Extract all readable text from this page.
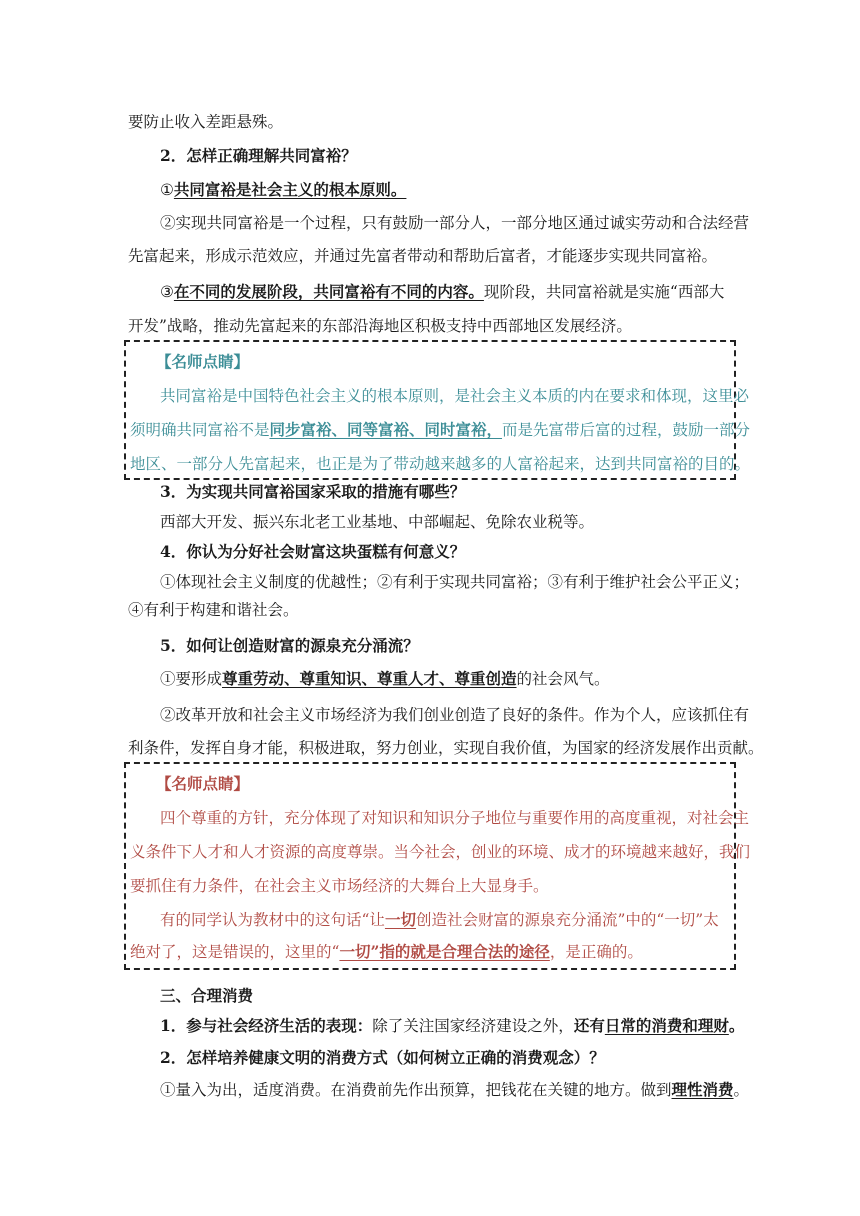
要防止收入差距悬殊。
2．怎样正确理解共同富裕？
①共同富裕是社会主义的根本原则。
②实现共同富裕是一个过程，只有鼓励一部分人，一部分地区通过诚实劳动和合法经营
先富起来，形成示范效应，并通过先富者带动和帮助后富者，才能逐步实现共同富裕。
③在不同的发展阶段，共同富裕有不同的内容。现阶段，共同富裕就是实施“西部大
开发”战略，推动先富起来的东部沿海地区积极支持中西部地区发展经济。
【名师点睛】
共同富裕是中国特色社会主义的根本原则，是社会主义本质的内在要求和体现，这里必
须明确共同富裕不是同步富裕、同等富裕、同时富裕，而是先富带后富的过程，鼓励一部分
地区、一部分人先富起来，也正是为了带动越来越多的人富裕起来，达到共同富裕的目的。
3．为实现共同富裕国家采取的措施有哪些？
西部大开发、振兴东北老工业基地、中部崛起、免除农业税等。
4．你认为分好社会财富这块蛋糕有何意义？
①体现社会主义制度的优越性；②有利于实现共同富裕；③有利于维护社会公平正义；
④有利于构建和谐社会。
5．如何让创造财富的源泉充分涌流？
①要形成尊重劳动、尊重知识、尊重人才、尊重创造的社会风气。
②改革开放和社会主义市场经济为我们创业创造了良好的条件。作为个人，应该抓住有
利条件，发挥自身才能，积极进取，努力创业，实现自我价值，为国家的经济发展作出贡献。
【名师点睛】
四个尊重的方针，充分体现了对知识和知识分子地位与重要作用的高度重视，对社会主
义条件下人才和人才资源的高度尊崇。当今社会，创业的环境、成才的环境越来越好，我们
要抓住有力条件，在社会主义市场经济的大舞台上大显身手。
有的同学认为教材中的这句话“让一切创造社会财富的源泉充分涌流”中的“一切”太
绝对了，这是错误的，这里的“一切”指的就是合理合法的途径，是正确的。
三、合理消费
1．参与社会经济生活的表现：除了关注国家经济建设之外，还有日常的消费和理财。
2．怎样培养健康文明的消费方式（如何树立正确的消费观念）？
①量入为出，适度消费。在消费前先作出预算，把钱花在关键的地方。做到理性消费。
